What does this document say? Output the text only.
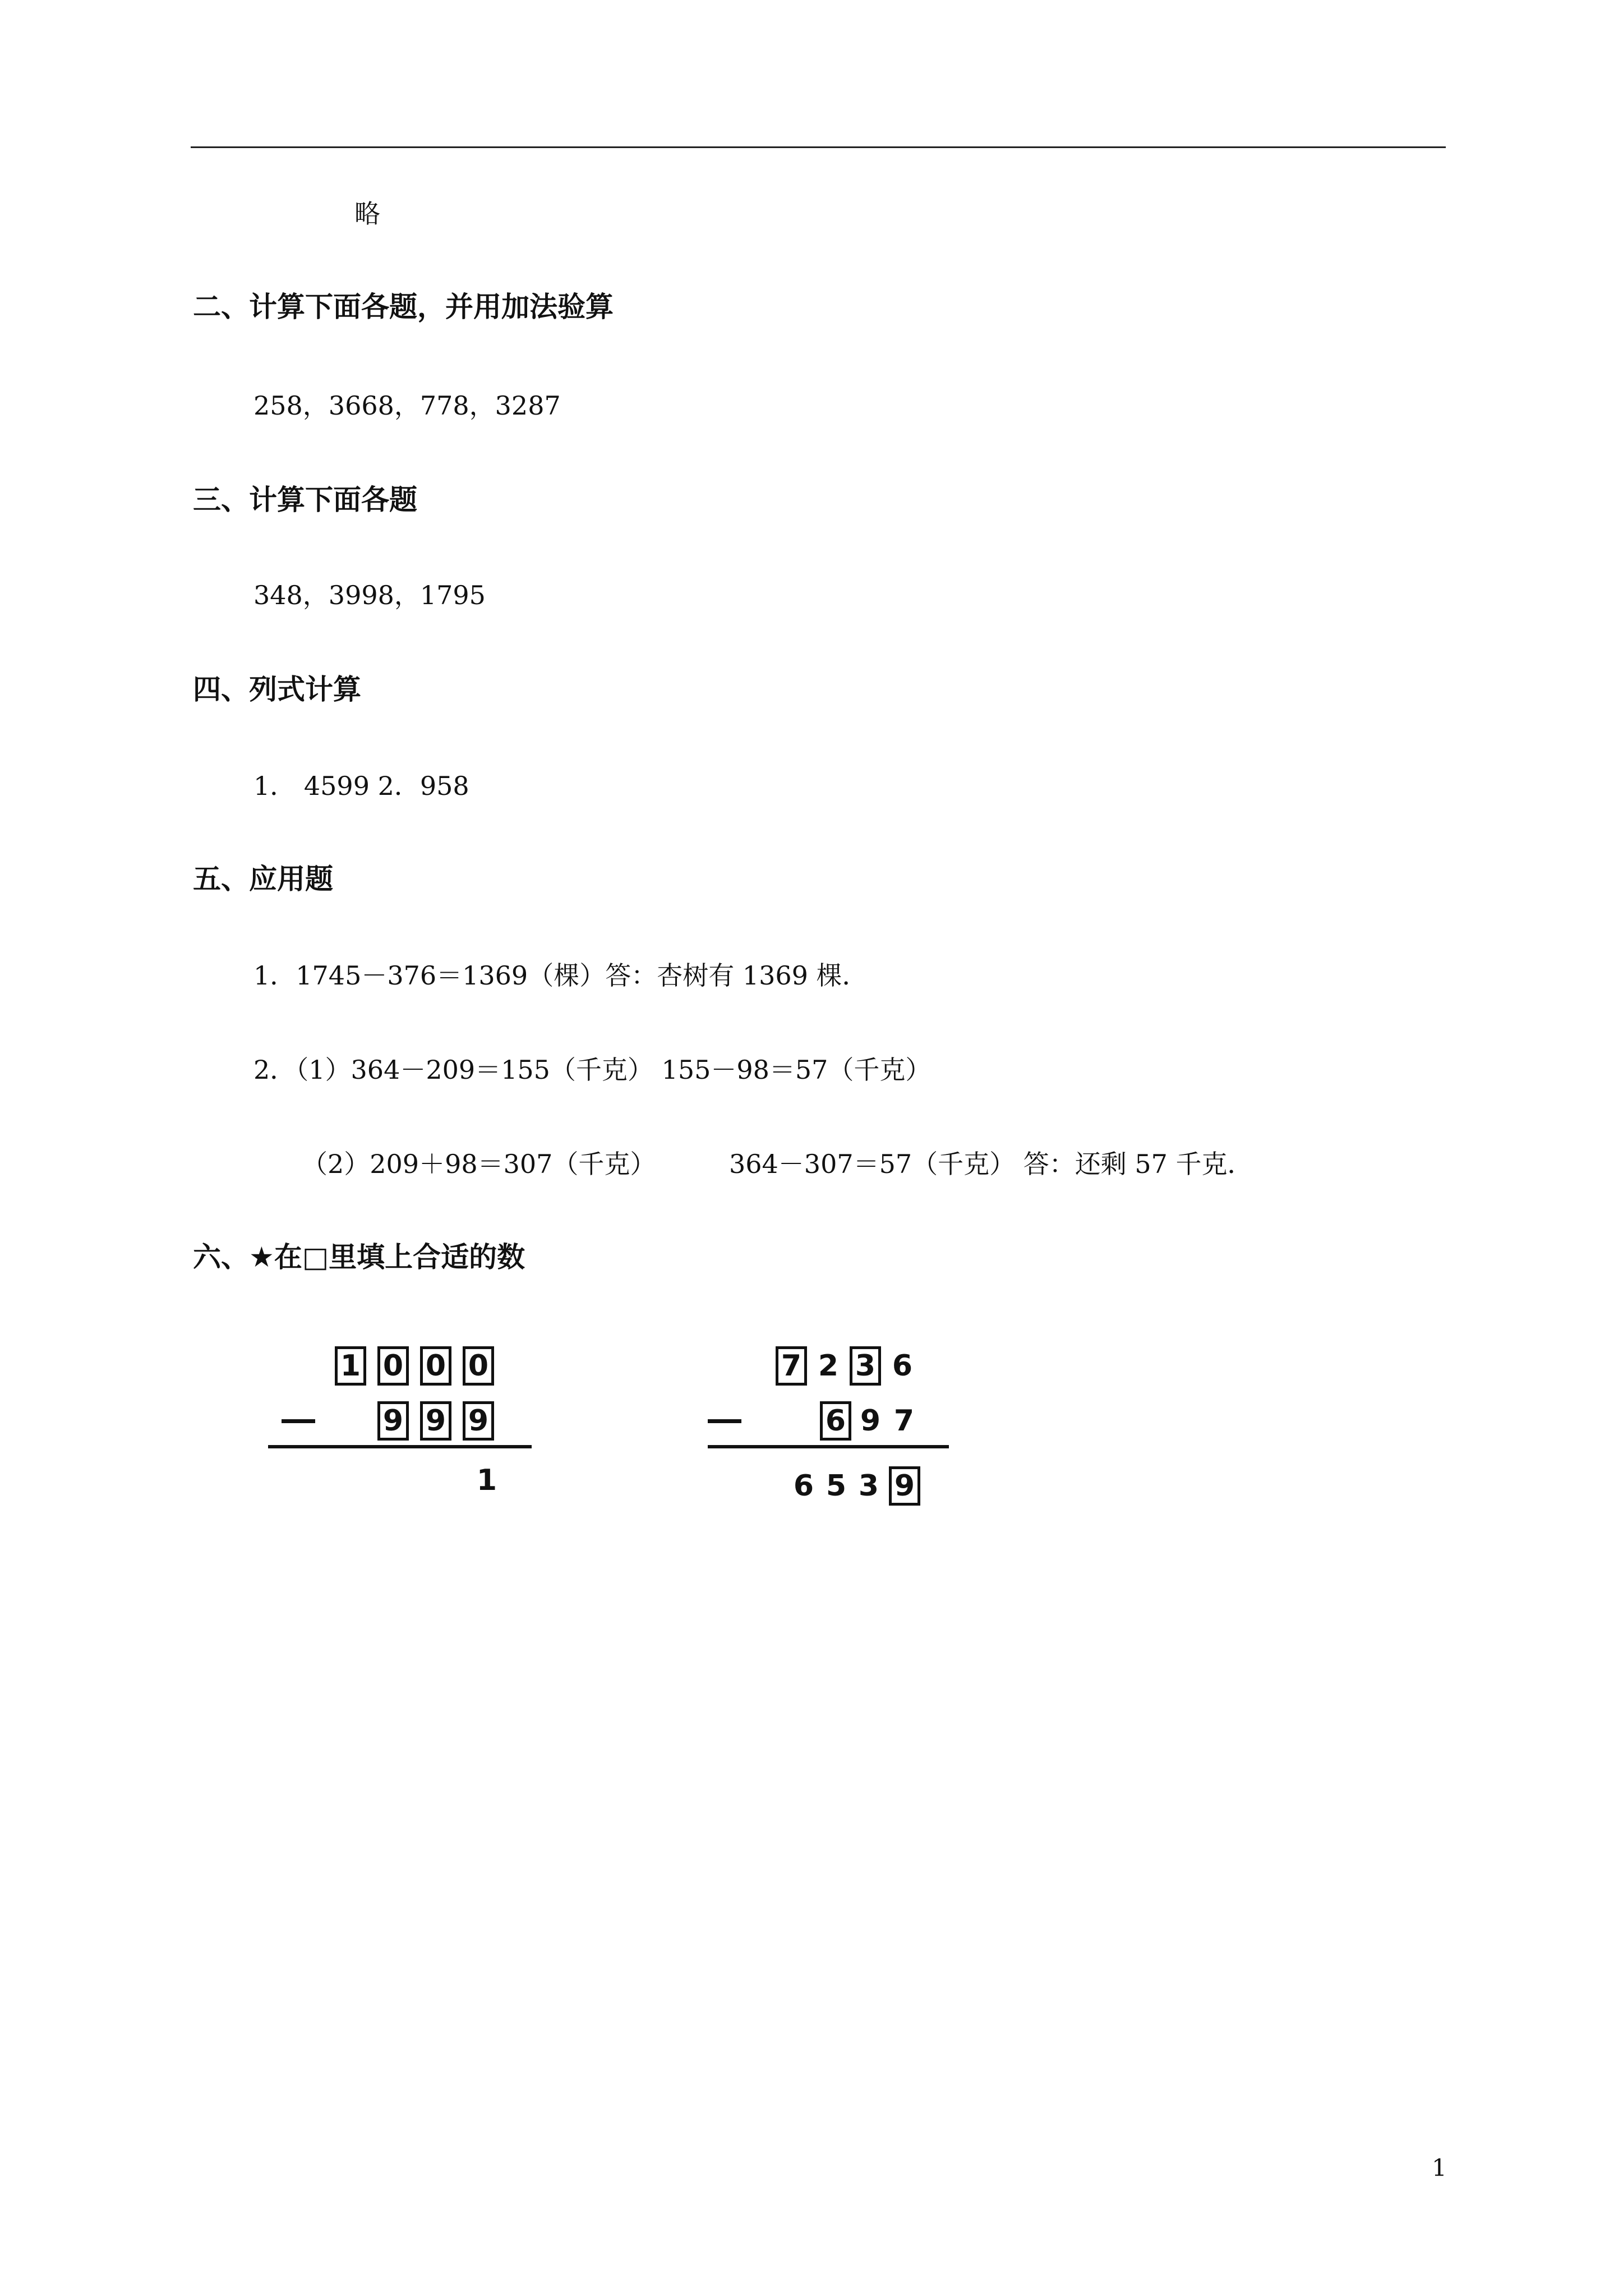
略
二、计算下面各题，并用加法验算
258，3668，778，3287
三、计算下面各题
348，3998，1795
四、列式计算
1． 4599 2．958
五、应用题
1．1745－376＝1369（棵）答：杏树有 1369 棵．
2．（1）364－209＝155（千克） 155－98＝57（千克）
（2）209＋98＝307（千克）	364－307＝57（千克） 答：还剩 57 千克．
六、★在□里填上合适的数
1 0 0 0
9 9 9
1
7 2 3 6
6 9 7
6 5 3 9
1
